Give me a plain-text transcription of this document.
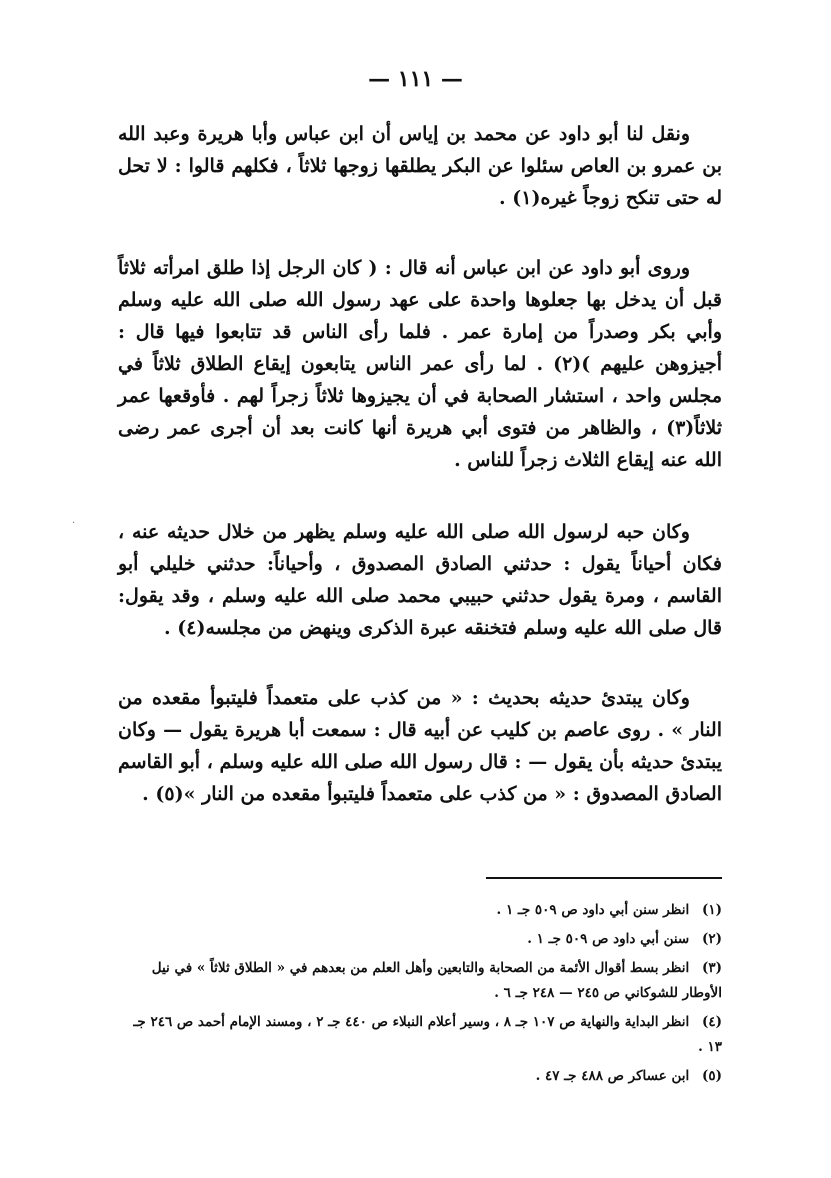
— ١١١ —
·

ونقل لنا أبو داود عن محمد بن إياس أن ابن عباس وأبا هريرة وعبد الله بن عمرو بن العاص سئلوا عن البكر يطلقها زوجها ثلاثاً ، فكلهم قالوا : لا تحل له حتى تنكح زوجاً غيره(١) .

وروى أبو داود عن ابن عباس أنه قال : ( كان الرجل إذا طلق امرأته ثلاثاً قبل أن يدخل بها جعلوها واحدة على عهد رسول الله صلى الله عليه وسلم وأبي بكر وصدراً من إمارة عمر . فلما رأى الناس قد تتابعوا فيها قال : أجيزوهن عليهم )(٢) . لما رأى عمر الناس يتابعون إيقاع الطلاق ثلاثاً في مجلس واحد ، استشار الصحابة في أن يجيزوها ثلاثاً زجراً لهم . فأوقعها عمر ثلاثاً(٣) ، والظاهر من فتوى أبي هريرة أنها كانت بعد أن أجرى عمر رضى الله عنه إيقاع الثلاث زجراً للناس .

وكان حبه لرسول الله صلى الله عليه وسلم يظهر من خلال حديثه عنه ، فكان أحياناً يقول : حدثني الصادق المصدوق ، وأحياناً: حدثني خليلي أبو القاسم ، ومرة يقول حدثني حبيبي محمد صلى الله عليه وسلم ، وقد يقول: قال صلى الله عليه وسلم فتخنقه عبرة الذكرى وينهض من مجلسه(٤) .

وكان يبتدئ حديثه بحديث : « من كذب على متعمداً فليتبوأ مقعده من النار » . روى عاصم بن كليب عن أبيه قال : سمعت أبا هريرة يقول — وكان يبتدئ حديثه بأن يقول — : قال رسول الله صلى الله عليه وسلم ، أبو القاسم الصادق المصدوق : « من كذب على متعمداً فليتبوأ مقعده من النار »(٥) .

(١) انظر سنن أبي داود ص ٥٠٩ جـ ١ .

(٢) سنن أبي داود ص ٥٠٩ جـ ١ .

(٣) انظر بسط أقوال الأئمة من الصحابة والتابعين وأهل العلم من بعدهم في « الطلاق ثلاثاً » في نيل الأوطار للشوكاني ص ٢٤٥ — ٢٤٨ جـ ٦ .

(٤) انظر البداية والنهاية ص ١٠٧ جـ ٨ ، وسير أعلام النبلاء ص ٤٤٠ جـ ٢ ، ومسند الإمام أحمد ص ٢٤٦ جـ ١٣ .

(٥) ابن عساكر ص ٤٨٨ جـ ٤٧ .
